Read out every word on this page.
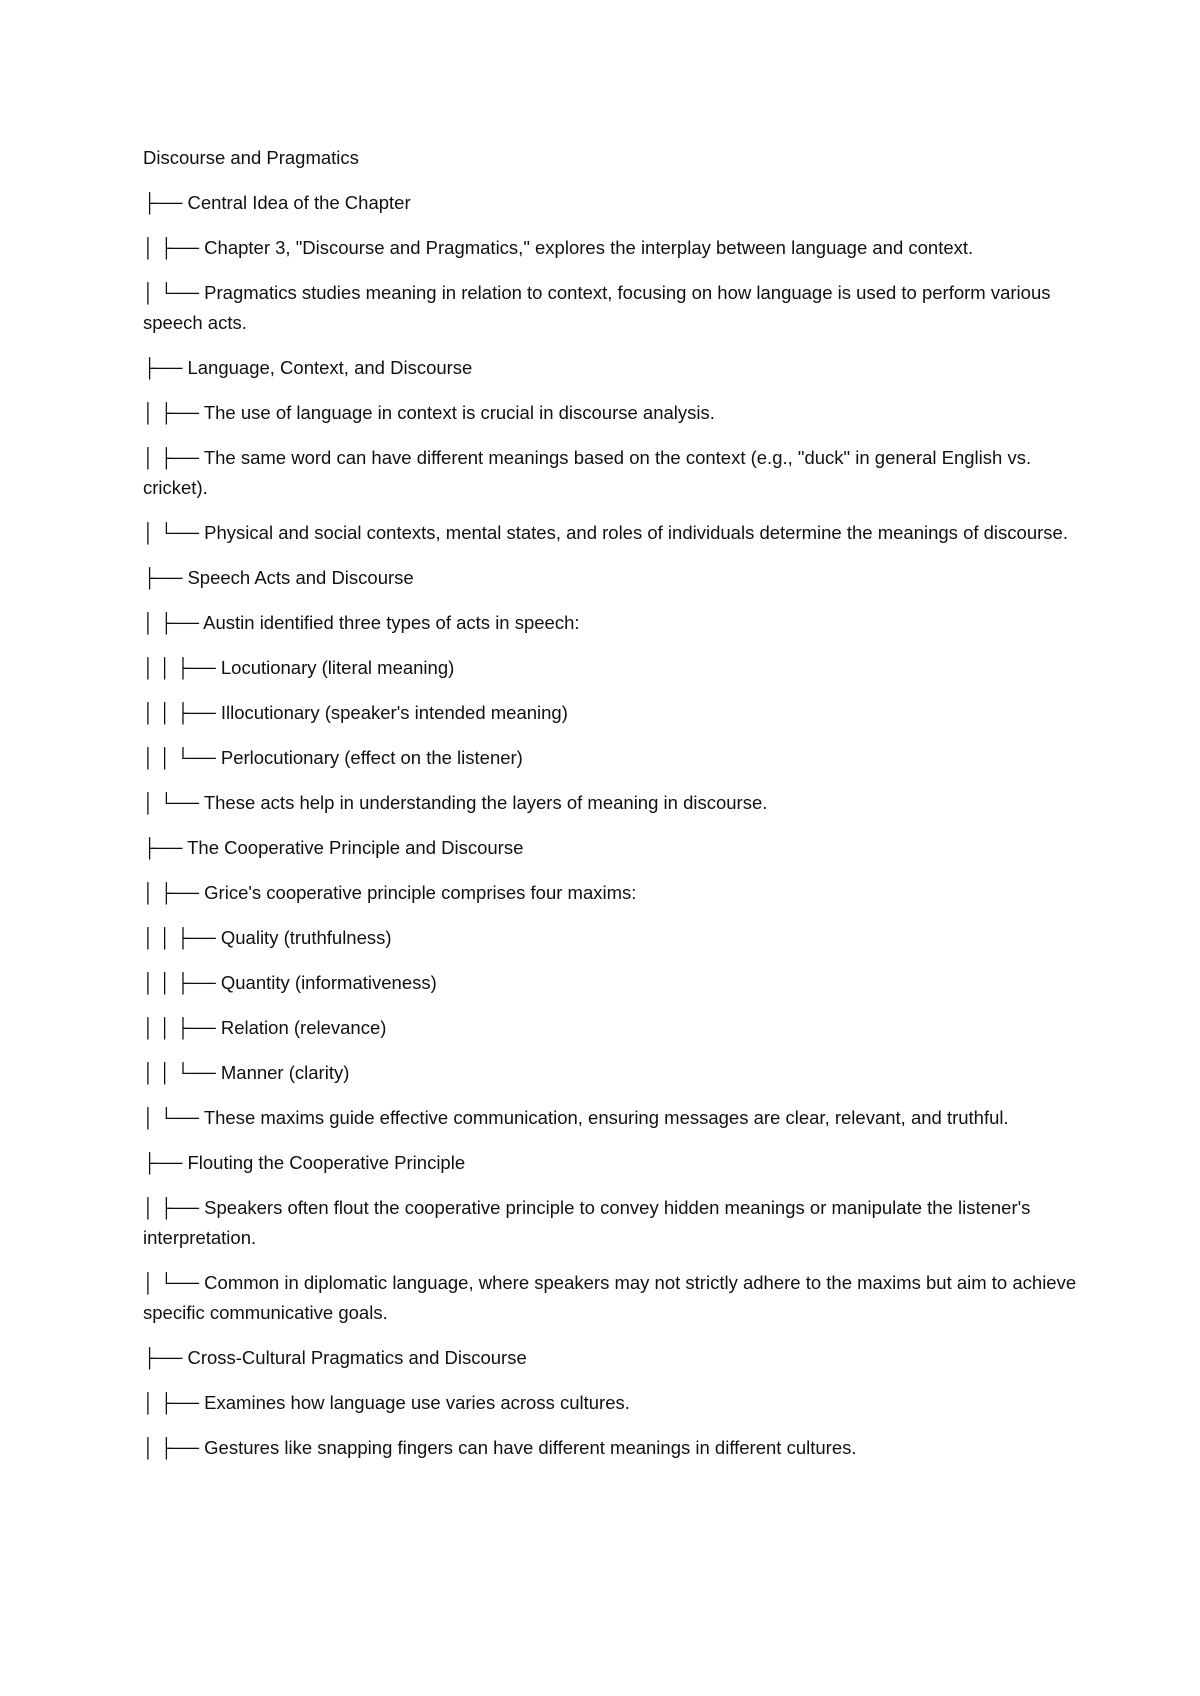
Discourse and Pragmatics
├── Central Idea of the Chapter
│ ├── Chapter 3, "Discourse and Pragmatics," explores the interplay between language and context.
│ └── Pragmatics studies meaning in relation to context, focusing on how language is used to perform various speech acts.
├── Language, Context, and Discourse
│ ├── The use of language in context is crucial in discourse analysis.
│ ├── The same word can have different meanings based on the context (e.g., "duck" in general English vs. cricket).
│ └── Physical and social contexts, mental states, and roles of individuals determine the meanings of discourse.
├── Speech Acts and Discourse
│ ├── Austin identified three types of acts in speech:
│ │ ├── Locutionary (literal meaning)
│ │ ├── Illocutionary (speaker's intended meaning)
│ │ └── Perlocutionary (effect on the listener)
│ └── These acts help in understanding the layers of meaning in discourse.
├── The Cooperative Principle and Discourse
│ ├── Grice's cooperative principle comprises four maxims:
│ │ ├── Quality (truthfulness)
│ │ ├── Quantity (informativeness)
│ │ ├── Relation (relevance)
│ │ └── Manner (clarity)
│ └── These maxims guide effective communication, ensuring messages are clear, relevant, and truthful.
├── Flouting the Cooperative Principle
│ ├── Speakers often flout the cooperative principle to convey hidden meanings or manipulate the listener's interpretation.
│ └── Common in diplomatic language, where speakers may not strictly adhere to the maxims but aim to achieve specific communicative goals.
├── Cross-Cultural Pragmatics and Discourse
│ ├── Examines how language use varies across cultures.
│ ├── Gestures like snapping fingers can have different meanings in different cultures.
